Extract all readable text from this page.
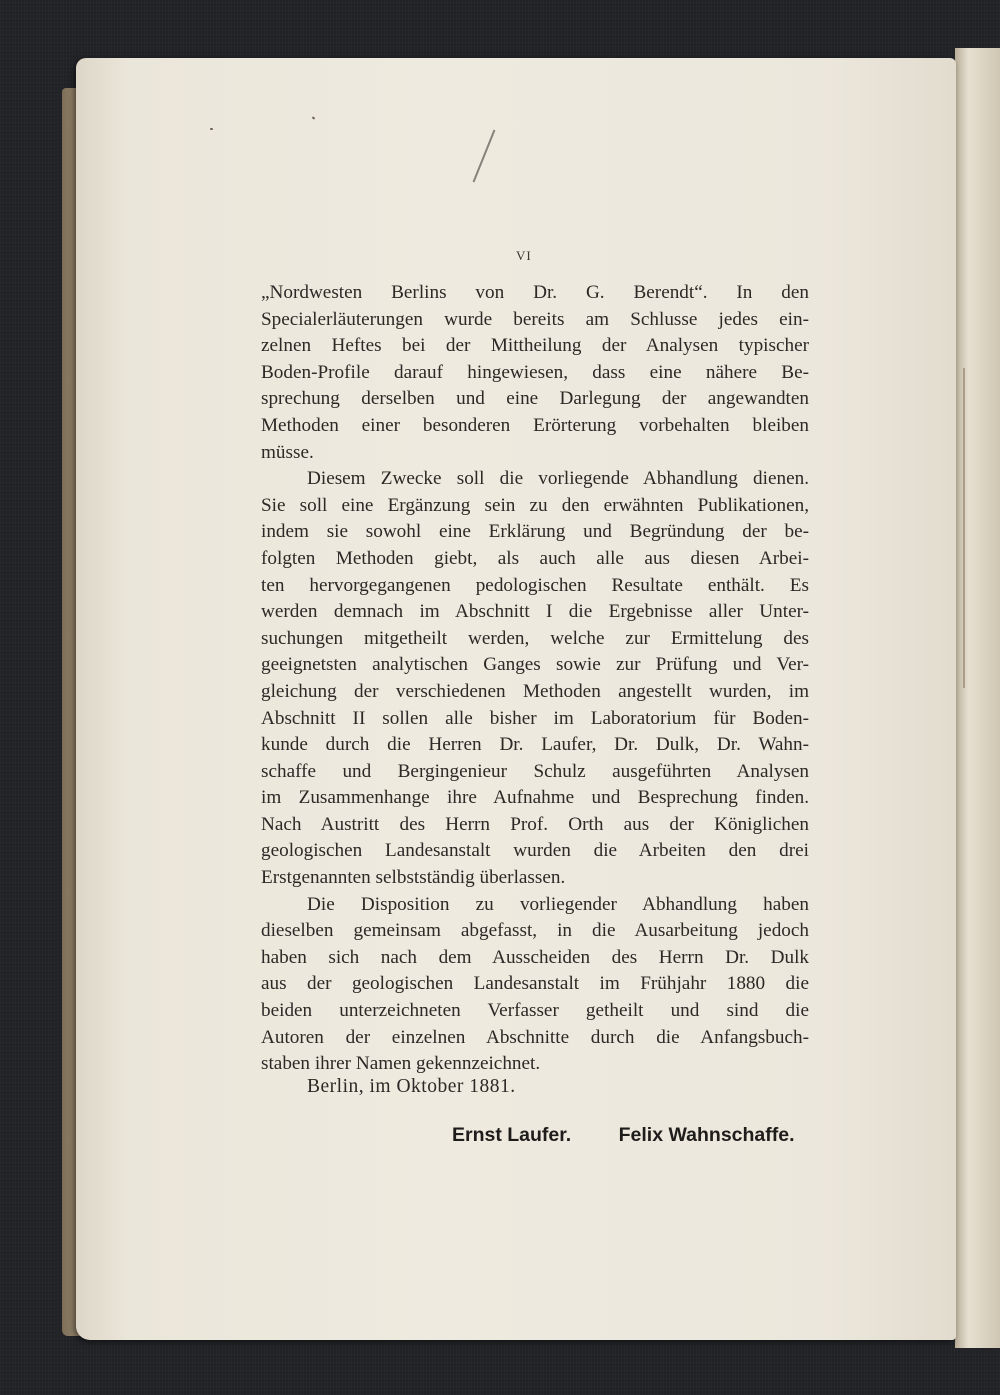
VI
„Nordwesten Berlins von Dr. G. Berendt“. In den
Specialerläuterungen wurde bereits am Schlusse jedes ein-
zelnen Heftes bei der Mittheilung der Analysen typischer
Boden-Profile darauf hingewiesen, dass eine nähere Be-
sprechung derselben und eine Darlegung der angewandten
Methoden einer besonderen Erörterung vorbehalten bleiben
müsse.
Diesem Zwecke soll die vorliegende Abhandlung dienen.
Sie soll eine Ergänzung sein zu den erwähnten Publikationen,
indem sie sowohl eine Erklärung und Begründung der be-
folgten Methoden giebt, als auch alle aus diesen Arbei-
ten hervorgegangenen pedologischen Resultate enthält. Es
werden demnach im Abschnitt I die Ergebnisse aller Unter-
suchungen mitgetheilt werden, welche zur Ermittelung des
geeignetsten analytischen Ganges sowie zur Prüfung und Ver-
gleichung der verschiedenen Methoden angestellt wurden, im
Abschnitt II sollen alle bisher im Laboratorium für Boden-
kunde durch die Herren Dr. Laufer, Dr. Dulk, Dr. Wahn-
schaffe und Bergingenieur Schulz ausgeführten Analysen
im Zusammenhange ihre Aufnahme und Besprechung finden.
Nach Austritt des Herrn Prof. Orth aus der Königlichen
geologischen Landesanstalt wurden die Arbeiten den drei
Erstgenannten selbstständig überlassen.
Die Disposition zu vorliegender Abhandlung haben
dieselben gemeinsam abgefasst, in die Ausarbeitung jedoch
haben sich nach dem Ausscheiden des Herrn Dr. Dulk
aus der geologischen Landesanstalt im Frühjahr 1880 die
beiden unterzeichneten Verfasser getheilt und sind die
Autoren der einzelnen Abschnitte durch die Anfangsbuch-
staben ihrer Namen gekennzeichnet.
Berlin, im Oktober 1881.
Ernst Laufer. Felix Wahnschaffe.
